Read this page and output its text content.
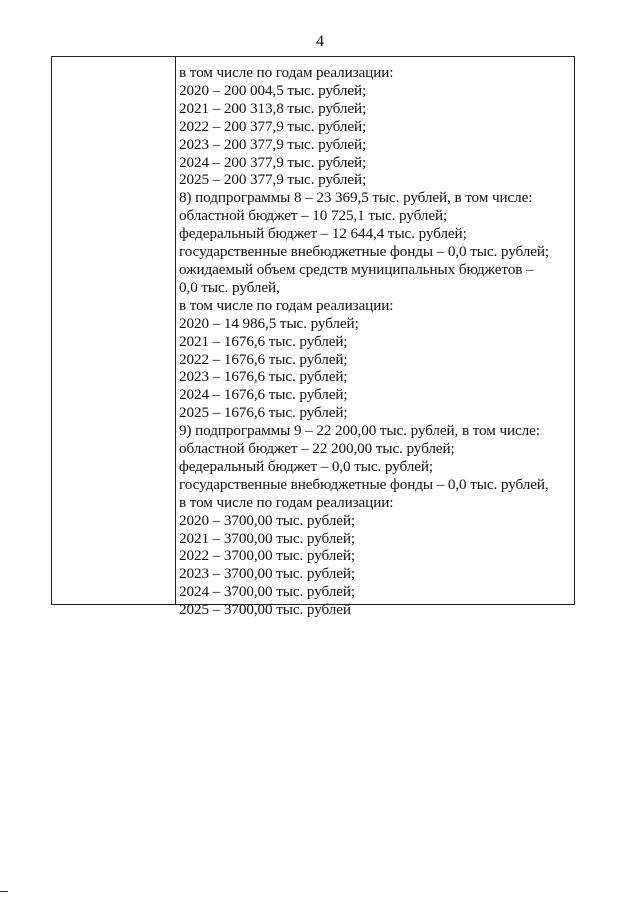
4
в том числе по годам реализации:
2020 – 200 004,5 тыс. рублей;
2021 – 200 313,8 тыс. рублей;
2022 – 200 377,9 тыс. рублей;
2023 – 200 377,9 тыс. рублей;
2024 – 200 377,9 тыс. рублей;
2025 – 200 377,9 тыс. рублей;
8) подпрограммы 8 – 23 369,5 тыс. рублей, в том числе:
областной бюджет – 10 725,1 тыс. рублей;
федеральный бюджет – 12 644,4 тыс. рублей;
государственные внебюджетные фонды – 0,0 тыс. рублей;
ожидаемый объем средств муниципальных бюджетов –
0,0 тыс. рублей,
в том числе по годам реализации:
2020 – 14 986,5 тыс. рублей;
2021 – 1676,6 тыс. рублей;
2022 – 1676,6 тыс. рублей;
2023 – 1676,6 тыс. рублей;
2024 – 1676,6 тыс. рублей;
2025 – 1676,6 тыс. рублей;
9) подпрограммы 9 – 22 200,00 тыс. рублей, в том числе:
областной бюджет – 22 200,00 тыс. рублей;
федеральный бюджет – 0,0 тыс. рублей;
государственные внебюджетные фонды – 0,0 тыс. рублей,
в том числе по годам реализации:
2020 – 3700,00 тыс. рублей;
2021 – 3700,00 тыс. рублей;
2022 – 3700,00 тыс. рублей;
2023 – 3700,00 тыс. рублей;
2024 – 3700,00 тыс. рублей;
2025 – 3700,00 тыс. рублей
